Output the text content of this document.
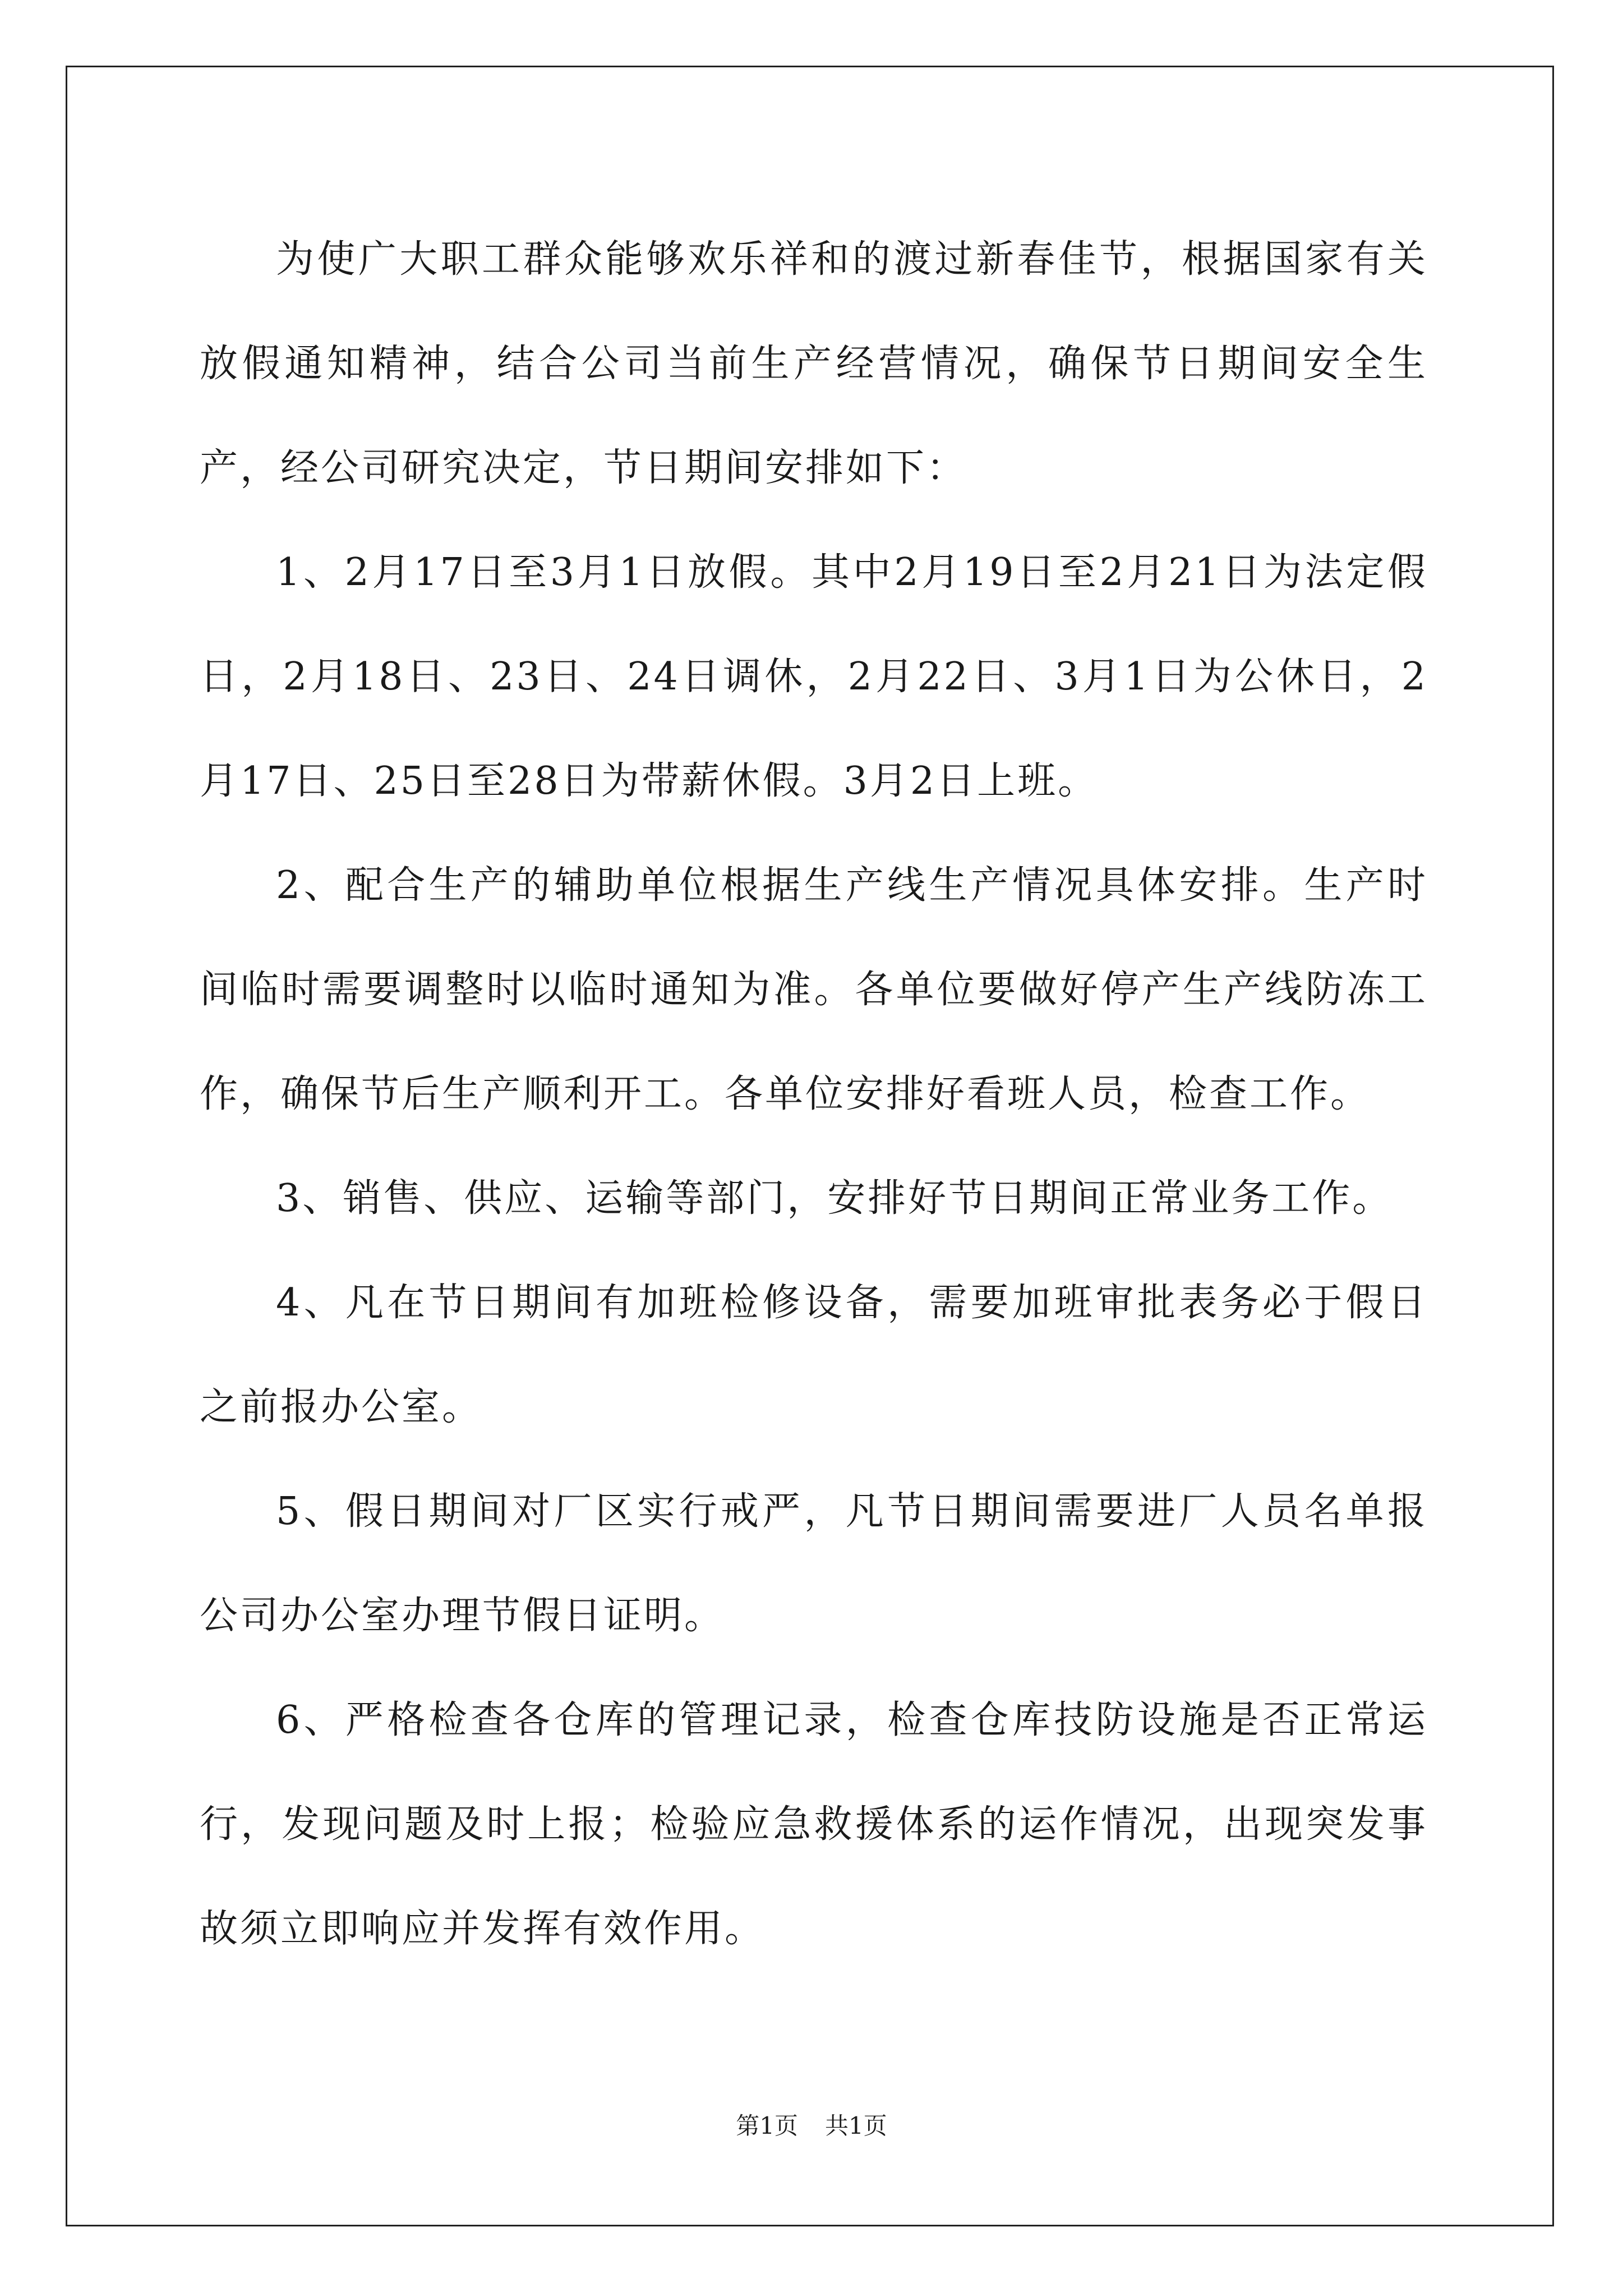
为使广大职工群众能够欢乐祥和的渡过新春佳节，根据国家有关放假通知精神，结合公司当前生产经营情况，确保节日期间安全生产，经公司研究决定，节日期间安排如下：

1、2月17日至3月1日放假。其中2月19日至2月21日为法定假日，2月18日、23日、24日调休，2月22日、3月1日为公休日，2月17日、25日至28日为带薪休假。3月2日上班。

2、配合生产的辅助单位根据生产线生产情况具体安排。生产时间临时需要调整时以临时通知为准。各单位要做好停产生产线防冻工作，确保节后生产顺利开工。各单位安排好看班人员，检查工作。

3、销售、供应、运输等部门，安排好节日期间正常业务工作。

4、凡在节日期间有加班检修设备，需要加班审批表务必于假日之前报办公室。

5、假日期间对厂区实行戒严，凡节日期间需要进厂人员名单报公司办公室办理节假日证明。

6、严格检查各仓库的管理记录，检查仓库技防设施是否正常运行，发现问题及时上报；检验应急救援体系的运作情况，出现突发事故须立即响应并发挥有效作用。

第1页 共1页
